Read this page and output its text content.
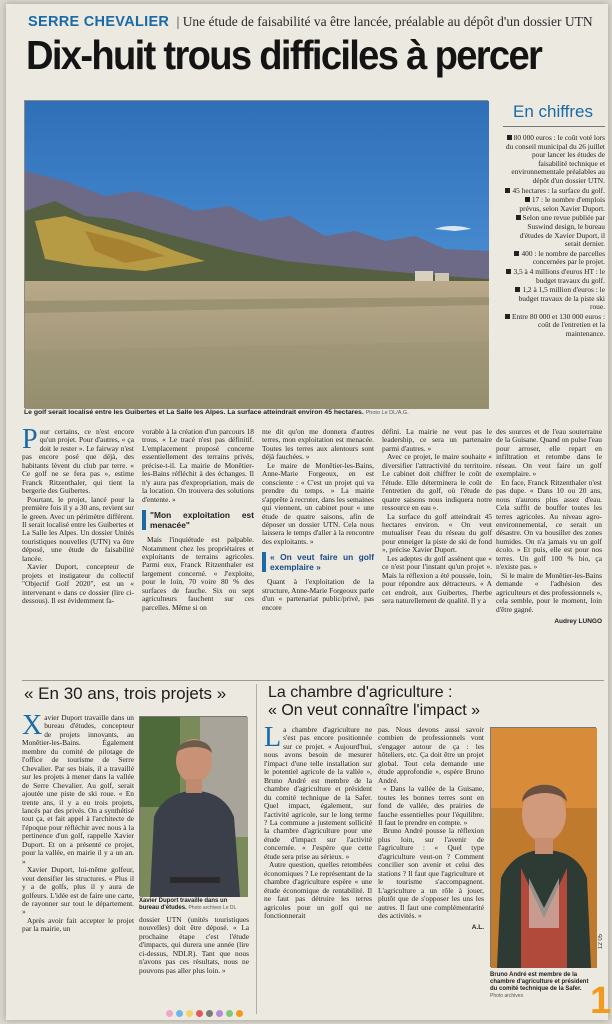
SERRE CHEVALIER  | Une étude de faisabilité va être lancée, préalable au dépôt d'un dossier UTN
Dix-huit trous difficiles à percer
Le golf serait localisé entre les Guibertes et La Salle les Alpes. La surface atteindrait environ 45 hectares. Photo Le DL/A.G.
En chiffres

80 000 euros : le coût voté lors du conseil municipal du 26 juillet pour lancer les études de faisabilité technique et environnementale préalables au dépôt d'un dossier UTN.

45 hectares : la surface du golf.

17 : le nombre d'emplois prévus, selon Xavier Duport.

Selon une revue publiée par Suswind design, le bureau d'études de Xavier Duport, il serait dernier.

400 : le nombre de parcelles concernées par le projet.

3,5 à 4 millions d'euros HT : le budget travaux du golf.

1,2 à 1,5 million d'euros : le budget travaux de la piste ski roue.

Entre 80 000 et 130 000 euros : coût de l'entretien et la maintenance.

P our certains, ce n'est encore qu'un projet. Pour d'autres, « ça doit le rester ». Le fairway n'est pas encore posé que déjà, des habitants lèvent du club par terre. « Ce golf ne se fera pas », estime Franck Ritzenthaler, qui tient la bergerie des Guibertes.

Pourtant, le projet, lancé pour la première fois il y a 30 ans, revient sur le green. Avec un périmètre différent. Il serait localisé entre les Guibertes et La Salle les Alpes. Un dossier Unités touristiques nouvelles (UTN) va être déposé, une étude de faisabilité lancée.

Xavier Duport, concepteur de projets et instigateur du collectif "Objectif Golf 2020", est un « intervenant » dans ce dossier (lire ci-dessous). Il est évidemment fa-

vorable à la création d'un parcours 18 trous. « Le tracé n'est pas définitif. L'emplacement proposé concerne essentiellement des terrains privés, précise-t-il. La mairie de Monêtier-les-Bains réfléchit à des échanges. Il n'y aura pas d'expropriation, mais de la location. On trouvera des solutions d'entente. »

"Mon exploitation est menacée"

Mais l'inquiétude est palpable. Notamment chez les propriétaires et exploitants de terrains agricoles. Parmi eux, Franck Ritzenthaler est largement concerné. « J'exploite, pour le loin, 70 voire 80 % des surfaces de fauche. Six ou sept agriculteurs fauchent sur ces parcelles. Même si on

me dit qu'on me donnera d'autres terres, mon exploitation est menacée. Toutes les terres aux alentours sont déjà fauchées. »

Le maire de Monêtier-les-Bains, Anne-Marie Forgeoux, en est consciente : « C'est un projet qui va prendre du temps. » La mairie s'apprête à recruter, dans les semaines qui viennent, un cabinet pour « une étude de quatre saisons, afin de déposer un dossier UTN. Cela nous laissera le temps d'aller à la rencontre des exploitants. »

« On veut faire un golf exemplaire »

Quant à l'exploitation de la structure, Anne-Marie Forgeoux parle d'un « partenariat public/privé, pas encore

défini. La mairie ne veut pas le leadership, ce sera un partenaire parmi d'autres. »

Avec ce projet, le maire souhaite « diversifier l'attractivité du territoire. Le cabinet doit chiffrer le coût de l'étude. Elle déterminera le coût de l'entretien du golf, où l'étude de quatre saisons nous indiquera notre ressource en eau ».

La surface du golf atteindrait 45 hectares environ. « On veut mutualiser l'eau du réseau du golf pour enneiger la piste de ski de fond », précise Xavier Duport.

Les adeptes du golf assènent que « ce n'est pour l'instant qu'un projet ». Mais la réflexion a été poussée, loin, pour répondre aux détracteurs. « A cet endroit, aux Guibertes, l'herbe sera naturellement de qualité. Il y a

des sources et de l'eau souterraine de la Guisane. Quand on pulse l'eau pour arroser, elle repart en infiltration et retombe dans le réseau. On veut faire un golf exemplaire. »

En face, Franck Ritzenthaler n'est pas dupe. « Dans 10 ou 20 ans, nous n'aurons plus assez d'eau. Cela suffit de bouffer toutes les terres agricoles. Au niveau agro-environnemental, ce serait un désastre. On va bousiller des zones humides. On n'a jamais vu un golf écolo. » Et puis, elle est pour nos terres. Un golf 100 % bio, ça n'existe pas. »

Si le maire de Monêtier-les-Bains demande « l'adhésion des agriculteurs et des professionnels », cela semble, pour le moment, loin d'être gagné.

Audrey LUNGO
« En 30 ans, trois projets »
X avier Duport travaille dans un bureau d'études, concepteur de projets innovants, au Monêtier-les-Bains. Également membre du comité de pilotage de l'office de tourisme de Serre Chevalier. Par ses biais, il a travaillé sur les projets à mener dans la vallée de Serre Chevalier. Au golf, serait ajoutée une piste de ski roue. « En trente ans, il y a eu trois projets, lancés par des privés. On a synthétisé tout ça, et fait appel à l'architecte de l'époque pour réfléchir avec nous à la pertinence d'un golf, rappelle Xavier Duport. Et on a présenté ce projet, pour la vallée, en mairie il y a un an. »

Xavier Duport, lui-même golfeur, veut densifier les structures. « Plus il y a de golfs, plus il y aura de golfeurs. L'idée est de faire une carte, de rayonner sur tout le département. »

Après avoir fait accepter le projet par la mairie, un

Xavier Duport travaille dans un bureau d'études. Photo archives Le DL

dossier UTN (unités touristiques nouvelles) doit être déposé. « La prochaine étape c'est l'étude d'impacts, qui durera une année (lire ci-dessus, NDLR). Tant que nous n'avons pas ces résultats, nous ne pouvons pas aller plus loin. »

La chambre d'agriculture :
« On veut connaître l'impact »
L a chambre d'agriculture ne s'est pas encore positionnée sur ce projet. « Aujourd'hui, nous avons besoin de mesurer l'impact d'une telle installation sur le potentiel agricole de la vallée », Bruno André est membre de la chambre d'agriculture et président du comité technique de la Safer. Quel impact, également, sur l'activité agricole, sur le long terme ? La commune a justement sollicité la chambre d'agriculture pour une étude d'impact sur l'activité concernée. « J'espère que cette étude sera prise au sérieux. »

Autre question, quelles retombées économiques ? Le représentant de la chambre d'agriculture espère « une étude économique de rentabilité. Il ne faut pas détruire les terres agricoles pour un golf qui ne fonctionnerait

pas. Nous devons aussi savoir combien de professionnels vont s'engager autour de ça : les hôteliers, etc. Ça doit être un projet global. Tout cela demande une étude approfondie », espère Bruno André.

« Dans la vallée de la Guisane, toutes les bonnes terres sont en fond de vallée, des prairies de fauche essentielles pour l'équilibre. Il faut le prendre en compte. »

Bruno André pousse la réflexion plus loin, sur l'avenir de l'agriculture : « Quel type d'agriculture veut-on ? Comment concilier son avenir et celui des stations ? Il faut que l'agriculture et le tourisme s'accompagnent. L'agriculture a un rôle à jouer, plutôt que de s'opposer les uns les autres. Il faut une complémentarité des activités. »

A.L.
Bruno André est membre de la chambre d'agriculture et président du comité technique de la Safer. Photo archives
12 05
1
